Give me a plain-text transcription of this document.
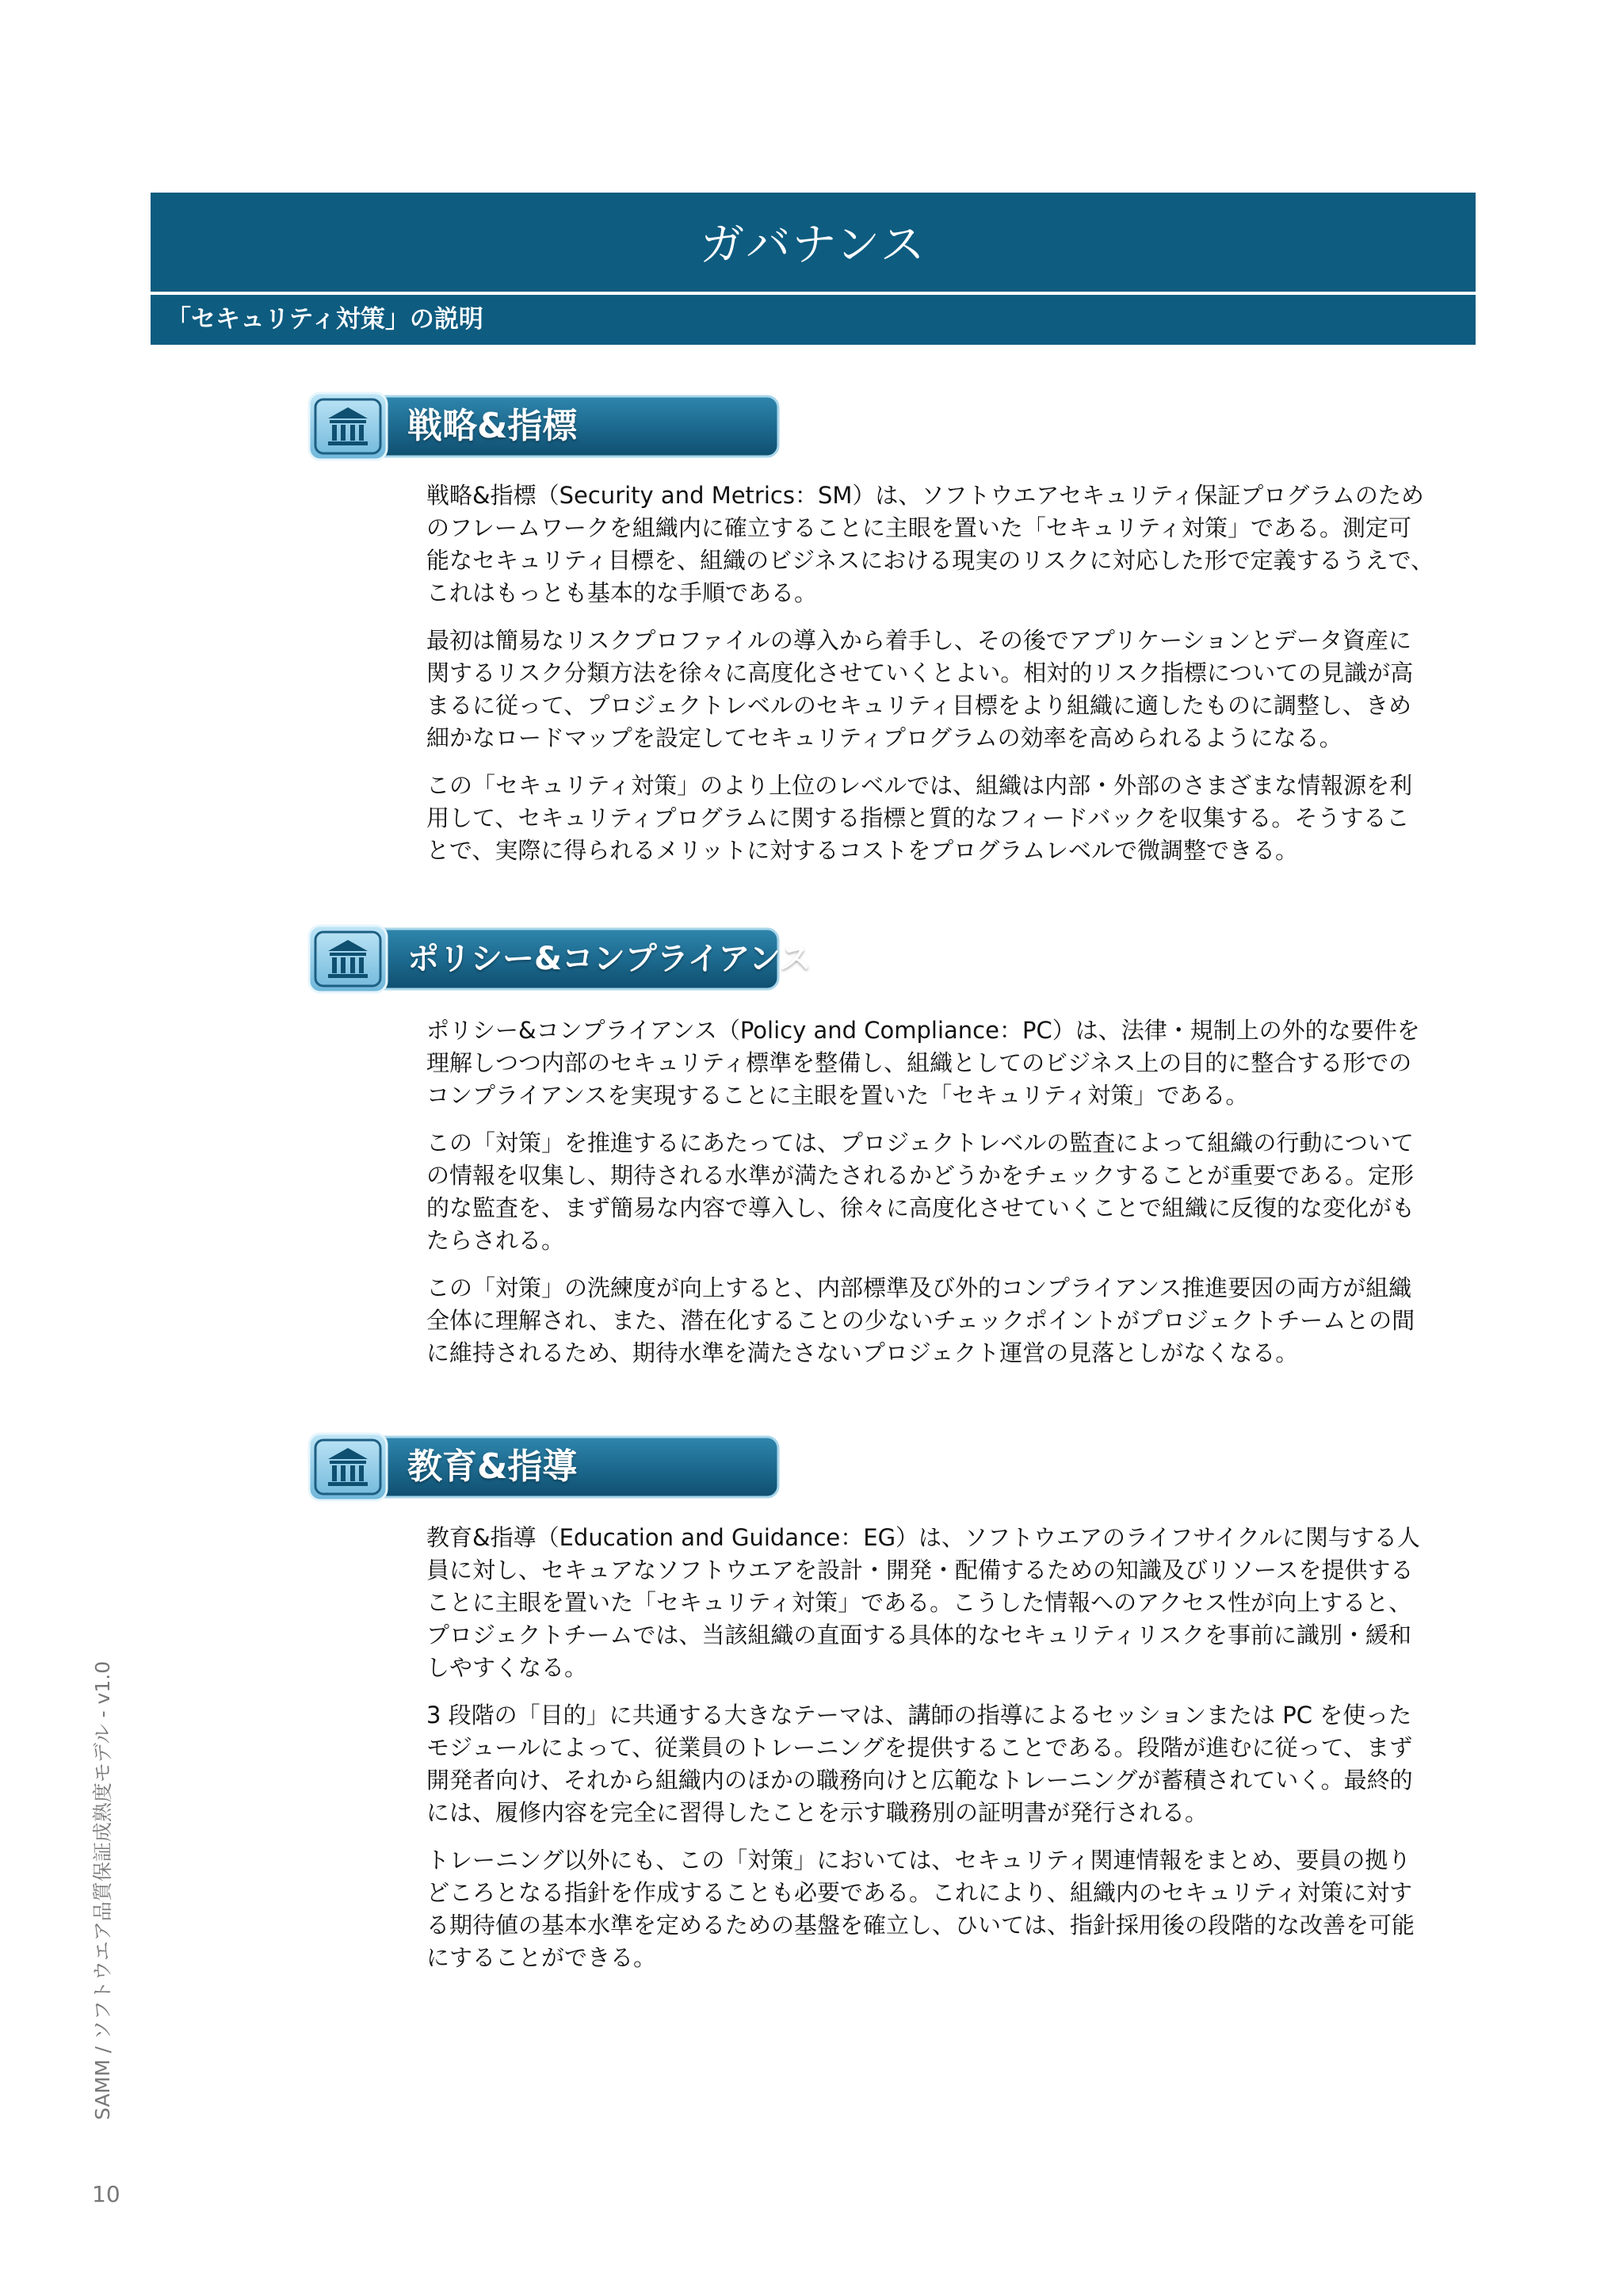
ガバナンス
「セキュリティ対策」の説明
戦略&指標
戦略&指標（Security and Metrics：SM）は、ソフトウエアセキュリティ保証プログラムのため
のフレームワークを組織内に確立することに主眼を置いた「セキュリティ対策」である。測定可
能なセキュリティ目標を、組織のビジネスにおける現実のリスクに対応した形で定義するうえで、
これはもっとも基本的な手順である。
最初は簡易なリスクプロファイルの導入から着手し、その後でアプリケーションとデータ資産に
関するリスク分類方法を徐々に高度化させていくとよい。相対的リスク指標についての見識が高
まるに従って、プロジェクトレベルのセキュリティ目標をより組織に適したものに調整し、きめ
細かなロードマップを設定してセキュリティプログラムの効率を高められるようになる。
この「セキュリティ対策」のより上位のレベルでは、組織は内部・外部のさまざまな情報源を利
用して、セキュリティプログラムに関する指標と質的なフィードバックを収集する。そうするこ
とで、実際に得られるメリットに対するコストをプログラムレベルで微調整できる。
ポリシー&コンプライアンス
ポリシー&コンプライアンス（Policy and Compliance：PC）は、法律・規制上の外的な要件を
理解しつつ内部のセキュリティ標準を整備し、組織としてのビジネス上の目的に整合する形での
コンプライアンスを実現することに主眼を置いた「セキュリティ対策」である。
この「対策」を推進するにあたっては、プロジェクトレベルの監査によって組織の行動について
の情報を収集し、期待される水準が満たされるかどうかをチェックすることが重要である。定形
的な監査を、まず簡易な内容で導入し、徐々に高度化させていくことで組織に反復的な変化がも
たらされる。
この「対策」の洗練度が向上すると、内部標準及び外的コンプライアンス推進要因の両方が組織
全体に理解され、また、潜在化することの少ないチェックポイントがプロジェクトチームとの間
に維持されるため、期待水準を満たさないプロジェクト運営の見落としがなくなる。
教育&指導
教育&指導（Education and Guidance：EG）は、ソフトウエアのライフサイクルに関与する人
員に対し、セキュアなソフトウエアを設計・開発・配備するための知識及びリソースを提供する
ことに主眼を置いた「セキュリティ対策」である。こうした情報へのアクセス性が向上すると、
プロジェクトチームでは、当該組織の直面する具体的なセキュリティリスクを事前に識別・緩和
しやすくなる。
3 段階の「目的」に共通する大きなテーマは、講師の指導によるセッションまたは PC を使った
モジュールによって、従業員のトレーニングを提供することである。段階が進むに従って、まず
開発者向け、それから組織内のほかの職務向けと広範なトレーニングが蓄積されていく。最終的
には、履修内容を完全に習得したことを示す職務別の証明書が発行される。
トレーニング以外にも、この「対策」においては、セキュリティ関連情報をまとめ、要員の拠り
どころとなる指針を作成することも必要である。これにより、組織内のセキュリティ対策に対す
る期待値の基本水準を定めるための基盤を確立し、ひいては、指針採用後の段階的な改善を可能
にすることができる。
SAMM / ソフトウエア品質保証成熟度モデル - v1.0
10
